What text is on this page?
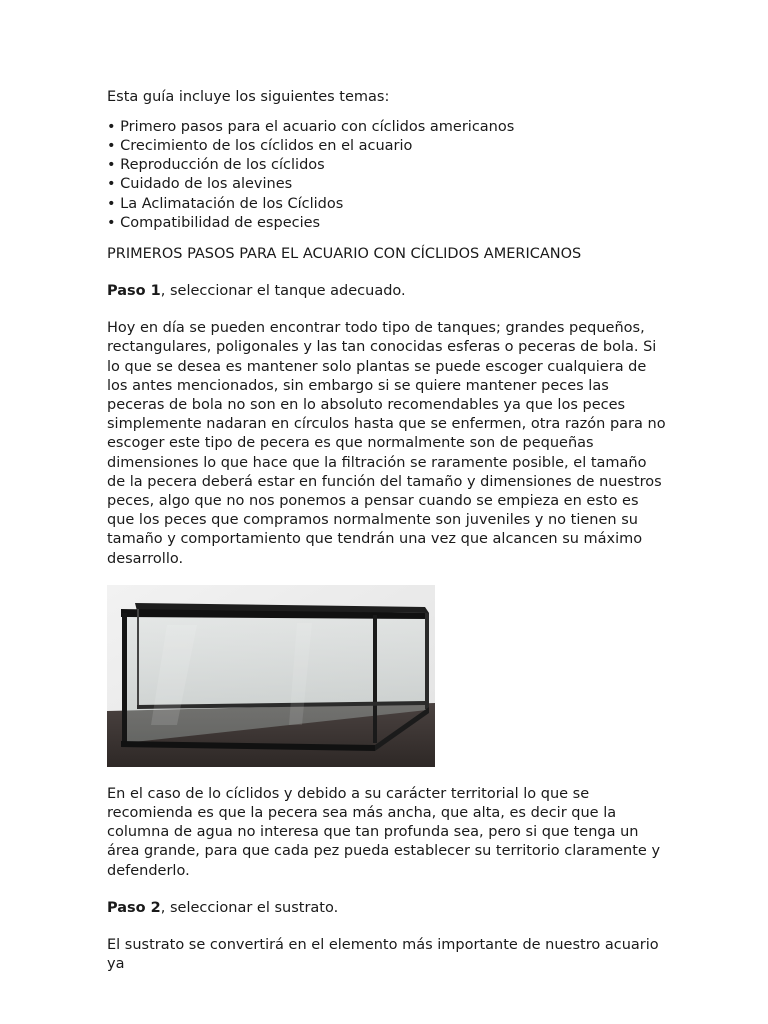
Esta guía incluye los siguientes temas:

• Primero pasos para el acuario con cíclidos americanos
• Crecimiento de los cíclidos en el acuario
• Reproducción de los cíclidos
• Cuidado de los alevines
• La Aclimatación de los Cíclidos
• Compatibilidad de especies

PRIMEROS PASOS PARA EL ACUARIO CON CÍCLIDOS AMERICANOS

Paso 1, seleccionar el tanque adecuado.

Hoy en día se pueden encontrar todo tipo de tanques; grandes pequeños, rectangulares, poligonales y las tan conocidas esferas o peceras de bola. Si lo que se desea es mantener solo plantas se puede escoger cualquiera de los antes mencionados, sin embargo si se quiere mantener peces las peceras de bola no son en lo absoluto recomendables ya que los peces simplemente nadaran en círculos hasta que se enfermen, otra razón para no escoger este tipo de pecera es que normalmente son de pequeñas dimensiones lo que hace que la filtración se raramente posible, el tamaño de la pecera deberá estar en función del tamaño y dimensiones de nuestros peces, algo que no nos ponemos a pensar cuando se empieza en esto es que los peces que compramos normalmente son juveniles y no tienen su tamaño y comportamiento que tendrán una vez que alcancen su máximo desarrollo.

En el caso de lo cíclidos y debido a su carácter territorial lo que se recomienda es que la pecera sea más ancha, que alta, es decir que la columna de agua no interesa que tan profunda sea, pero si que tenga un área grande, para que cada pez pueda establecer su territorio claramente y defenderlo.

Paso 2, seleccionar el sustrato.

El sustrato se convertirá en el elemento más importante de nuestro acuario ya
